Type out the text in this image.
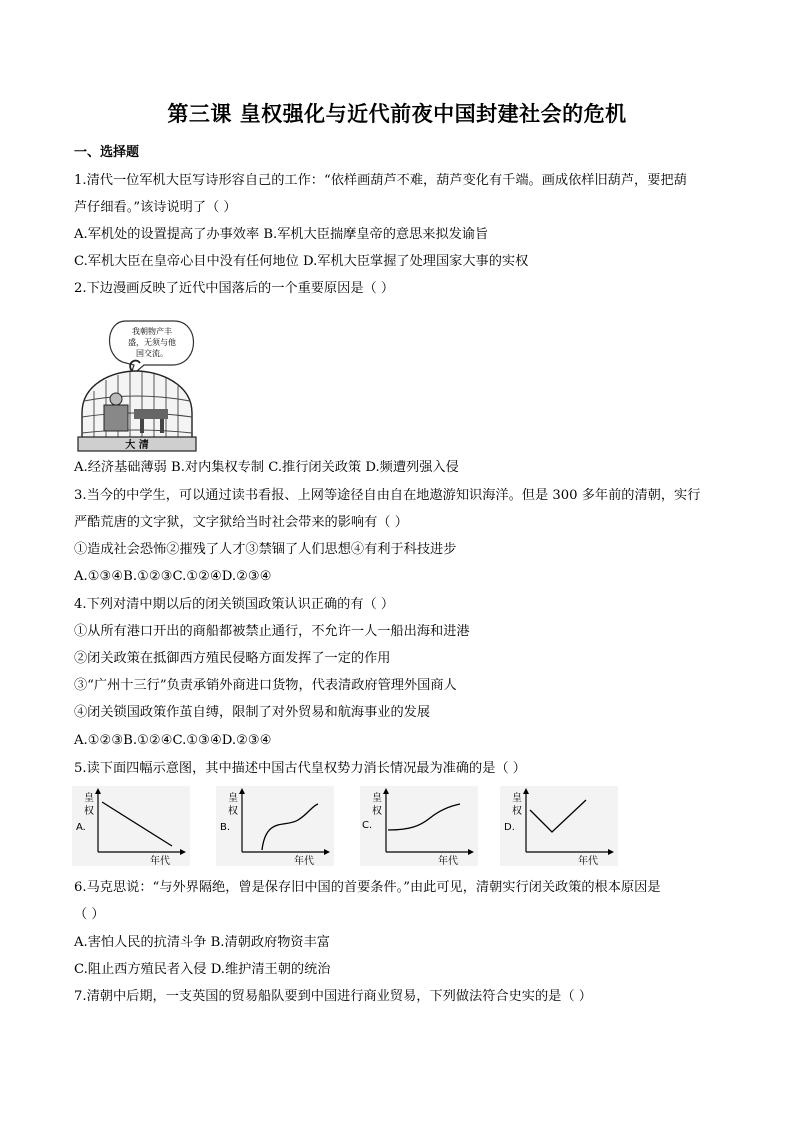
第三课 皇权强化与近代前夜中国封建社会的危机
一、选择题
1.清代一位军机大臣写诗形容自己的工作：“依样画葫芦不难，葫芦变化有千端。画成依样旧葫芦，要把葫
芦仔细看。”该诗说明了（ ）
A.军机处的设置提高了办事效率 B.军机大臣揣摩皇帝的意思来拟发谕旨
C.军机大臣在皇帝心目中没有任何地位 D.军机大臣掌握了处理国家大事的实权
2.下边漫画反映了近代中国落后的一个重要原因是（ ）
我朝物产丰
盛，无须与他
国交流。
大 清
A.经济基础薄弱 B.对内集权专制 C.推行闭关政策 D.频遭列强入侵
3.当今的中学生，可以通过读书看报、上网等途径自由自在地遨游知识海洋。但是 300 多年前的清朝，实行
严酷荒唐的文字狱，文字狱给当时社会带来的影响有（ ）
①造成社会恐怖②摧残了人才③禁锢了人们思想④有利于科技进步
A.①③④B.①②③C.①②④D.②③④
4.下列对清中期以后的闭关锁国政策认识正确的有（ ）
①从所有港口开出的商船都被禁止通行，不允许一人一船出海和进港
②闭关政策在抵御西方殖民侵略方面发挥了一定的作用
③“广州十三行”负责承销外商进口货物，代表清政府管理外国商人
④闭关锁国政策作茧自缚，限制了对外贸易和航海事业的发展
A.①②③B.①②④C.①③④D.②③④
5.读下面四幅示意图，其中描述中国古代皇权势力消长情况最为准确的是（ ）
皇
权
A.
年代
皇
权
B.
年代
皇
权
C.
年代
皇
权
D.
年代
6.马克思说：“与外界隔绝，曾是保存旧中国的首要条件。”由此可见，清朝实行闭关政策的根本原因是
（ ）
A.害怕人民的抗清斗争 B.清朝政府物资丰富
C.阻止西方殖民者入侵 D.维护清王朝的统治
7.清朝中后期，一支英国的贸易船队要到中国进行商业贸易，下列做法符合史实的是（ ）
